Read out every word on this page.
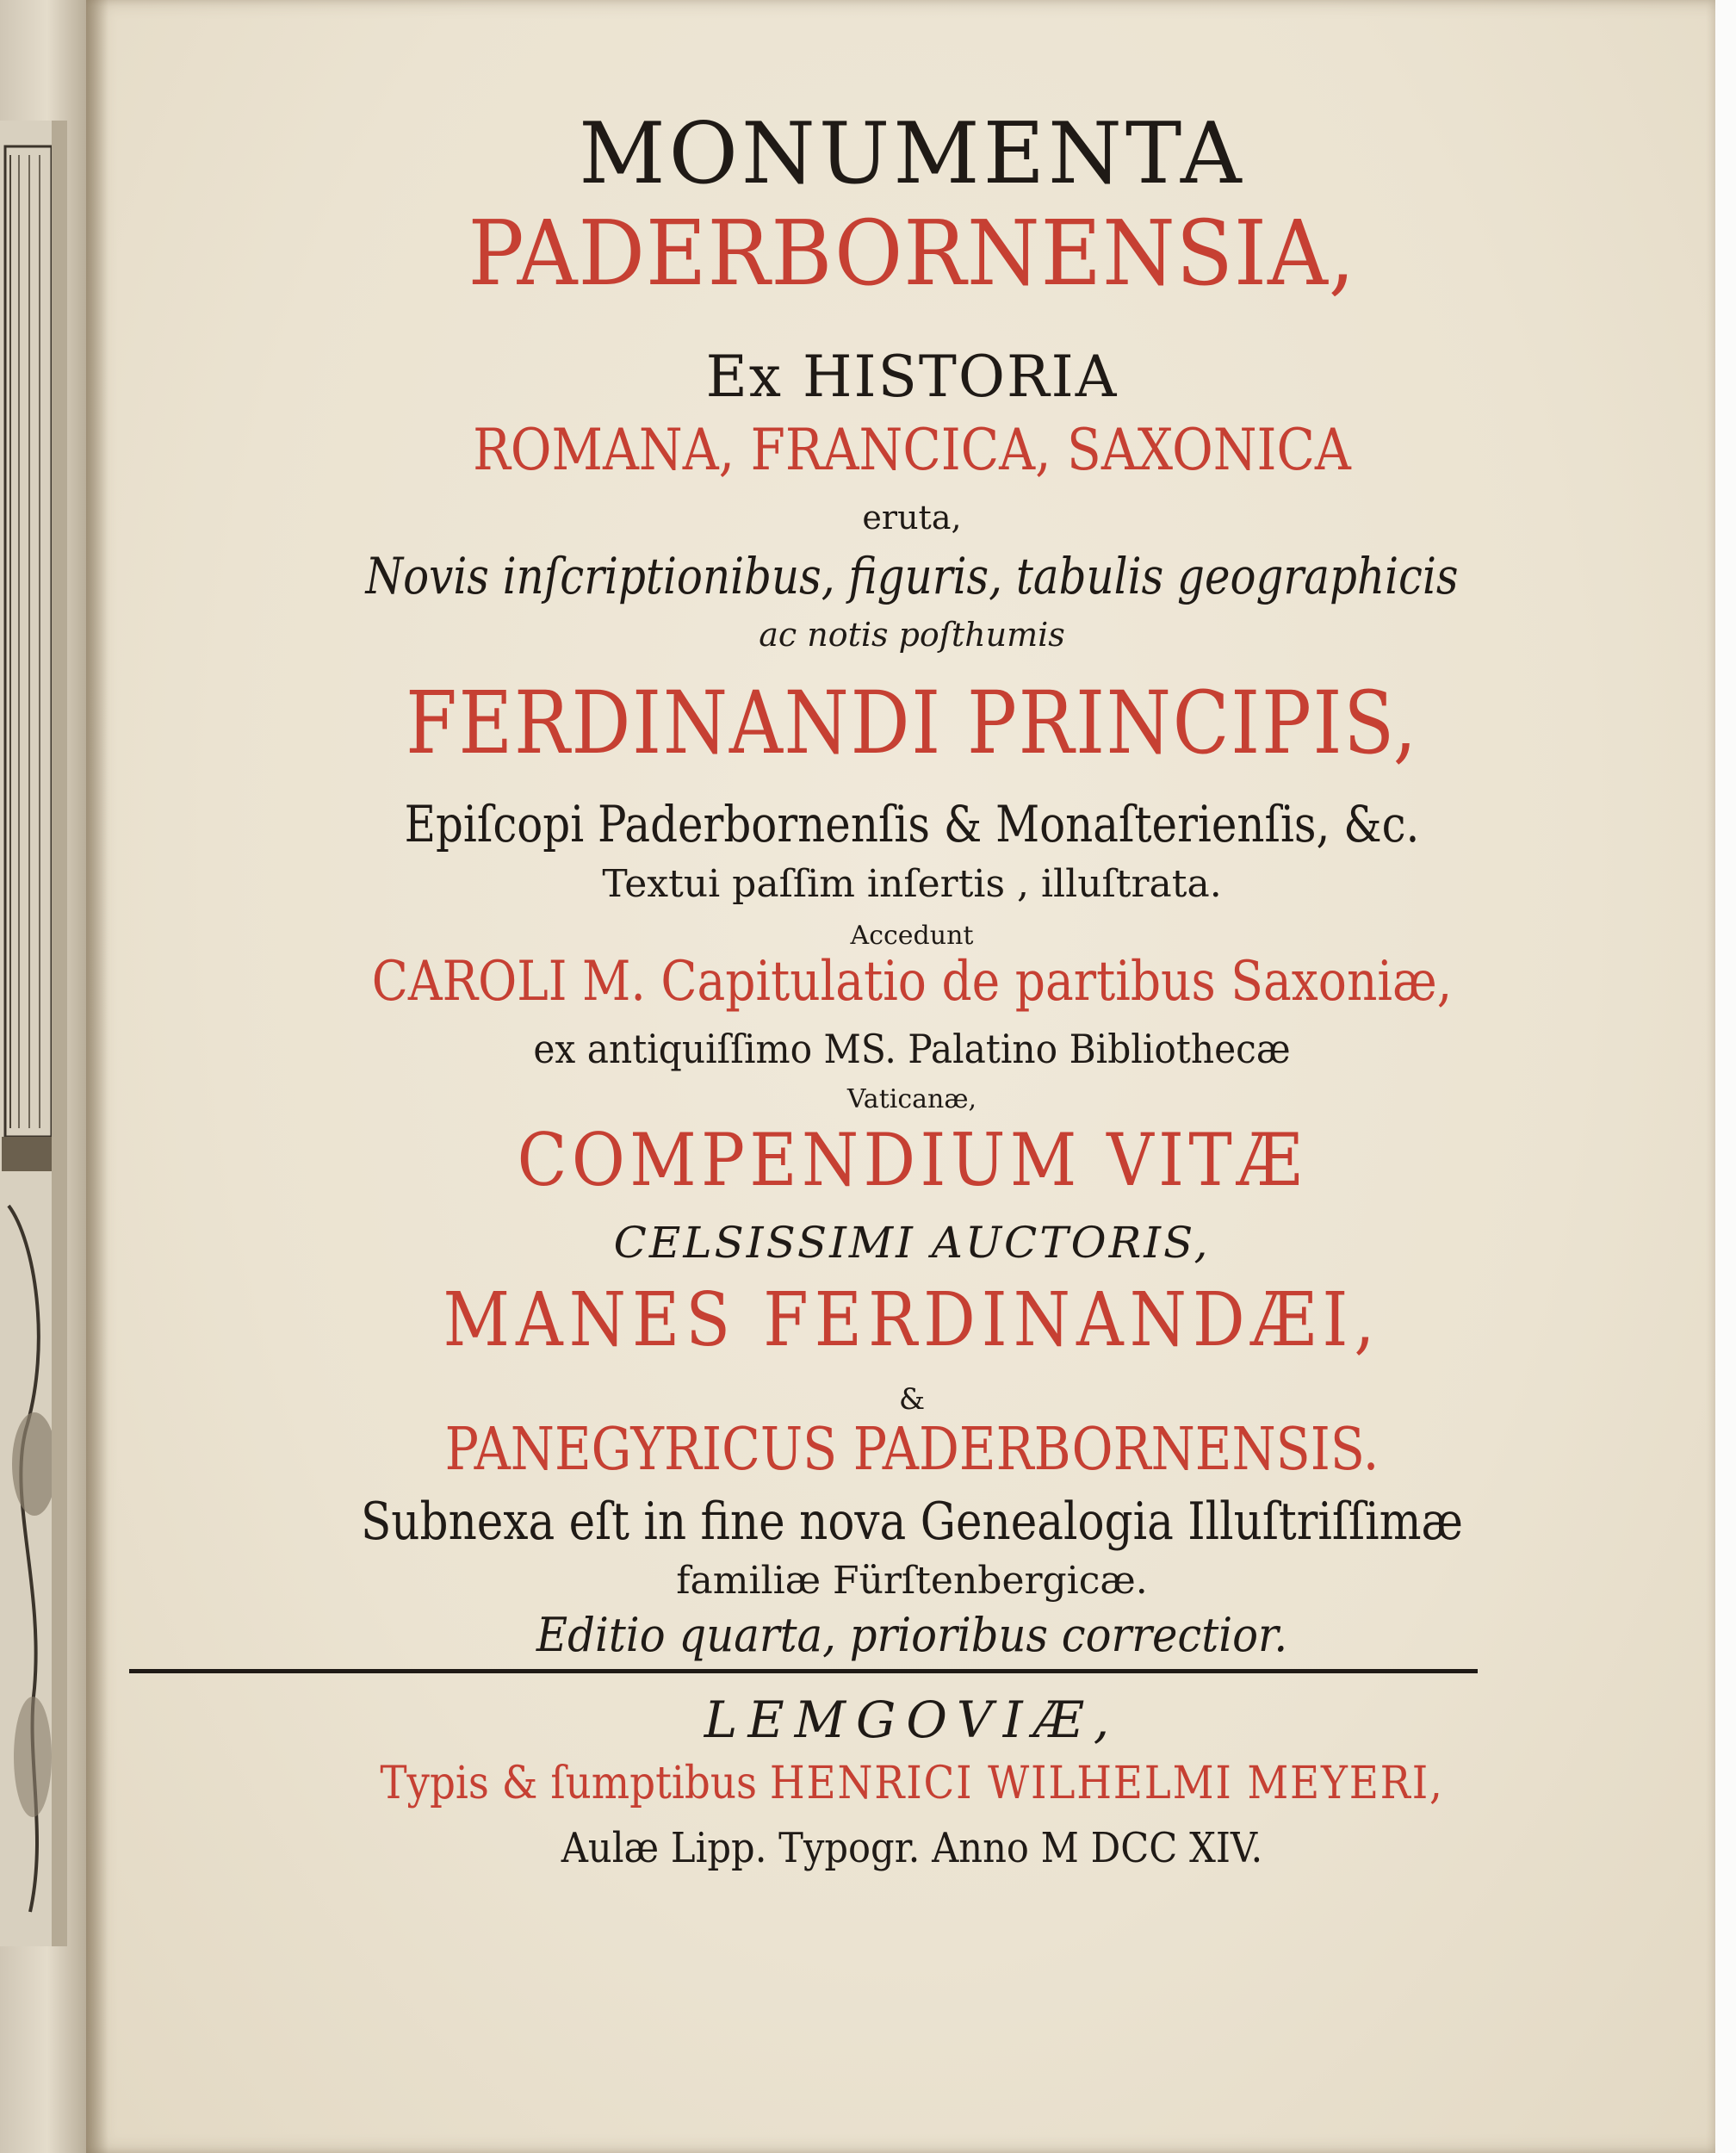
MONUMENTA
PADERBORNENSIA,
Ex HISTORIA
ROMANA, FRANCICA, SAXONICA
eruta,
Novis inſcriptionibus, figuris, tabulis geographicis
ac notis poſthumis
FERDINANDI PRINCIPIS,
Epiſcopi Paderbornenſis & Monaſterienſis, &c.
Textui paſſim inſertis , illuſtrata.
Accedunt
CAROLI M. Capitulatio de partibus Saxoniæ,
ex antiquiſſimo MS. Palatino Bibliothecæ
Vaticanæ,
COMPENDIUM VITÆ
CELSISSIMI AUCTORIS,
MANES FERDINANDÆI,
&
PANEGYRICUS PADERBORNENSIS.
Subnexa eſt in fine nova Genealogia Illuſtriſſimæ
familiæ Fürſtenbergicæ.
Editio quarta, prioribus correctior.
LEMGOVIÆ,
Typis & ſumptibus HENRICI WILHELMI MEYERI,
Aulæ Lipp. Typogr. Anno M DCC XIV.
